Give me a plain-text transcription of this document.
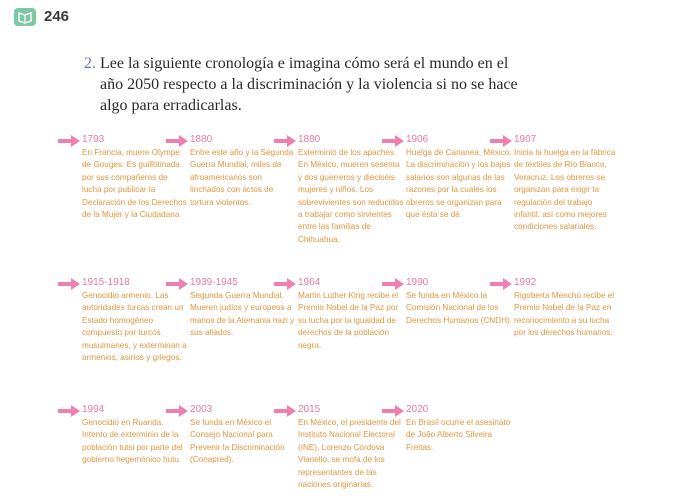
246
2. Lee la siguiente cronología e imagina cómo será el mundo en el año 2050 respecto a la discriminación y la violencia si no se hace algo para erradicarlas.
1793
En Francia, muere Olympe de Gouges. Es guillotinada por sus compañeros de lucha por publicar la Declaración de los Derechos de la Mujer y la Ciudadana
1880
Entre este año y la Segunda Guerra Mundial, miles de afroamericanos son linchados con actos de tortura violentos.
1880
Exterminio de los apaches. En México, mueren sesenta y dos guerreros y dieciséis mujeres y niños. Los sobrevivientes son reducidos a trabajar como sirvientes entre las familias de Chihuahua.
1906
Huelga de Cananea, México. La discriminación y los bajos salarios son algunas de las razones por la cuales los obreros se organizan para que ésta se dé.
1907
Inicia la huelga en la fábrica de textiles de Río Blanco, Veracruz. Los obreros se organizan para exigir la regulación del trabajo infantil, así como mejores condiciones salariales.
1915-1918
Genocidio armenio. Las autoridades turcas crean un Estado homogéneo compuesto por turcos musulmanes, y exterminan a armenios, asirios y griegos.
1939-1945
Segunda Guerra Mundial. Mueren judíos y europeos a manos de la Alemania nazi y sus aliados.
1964
Martin Luther King recibe el Premio Nobel de la Paz por su lucha por la igualdad de derechos de la población negra.
1990
Se funda en México la Comisión Nacional de los Derechos Humanos (CNDH).
1992
Rigoberta Menchú recibe el Premio Nobel de la Paz en reconocimiento a su lucha por los derechos humanos.
1994
Genocidio en Ruanda. Intento de exterminio de la población tutsi por parte del gobierno hegemónico hutu.
2003
Se funda en México el Consejo Nacional para Prevenir la Discriminación (Conapred).
2015
En México, el presidente del Instituto Nacional Electoral (INE), Lorenzo Córdova Vianello, se mofa de los representantes de las naciones originarias.
2020
En Brasil ocurre el asesinato de João Alberto Silveira Freitas.
